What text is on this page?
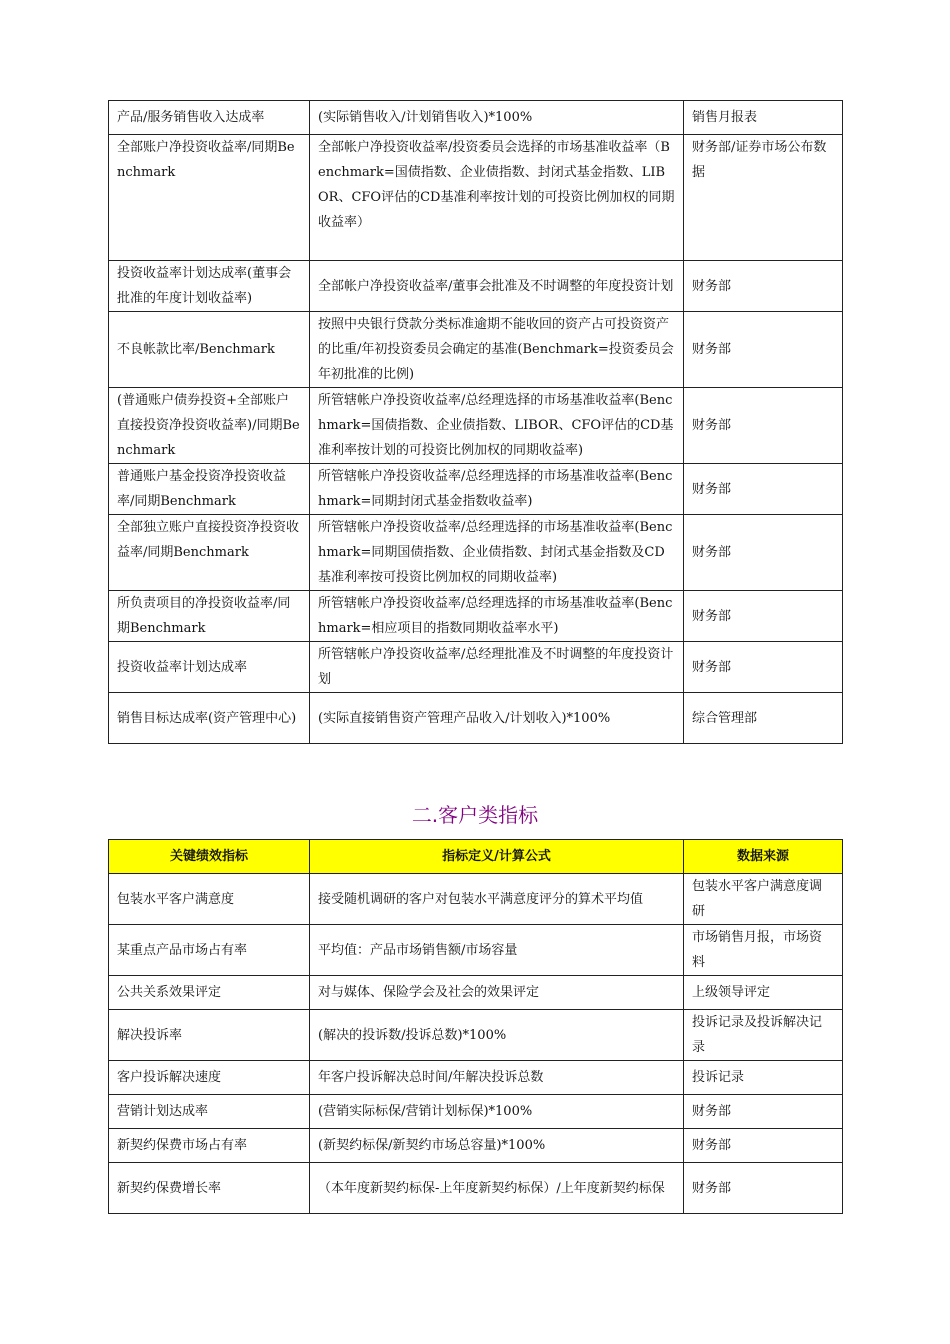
产品/服务销售收入达成率	(实际销售收入/计划销售收入)*100%	销售月报表
全部账户净投资收益率/同期Benchmark	全部帐户净投资收益率/投资委员会选择的市场基准收益率（Benchmark=国债指数、企业债指数、封闭式基金指数、LIBOR、CFO评估的CD基准利率按计划的可投资比例加权的同期收益率）	财务部/证券市场公布数据
投资收益率计划达成率(董事会批准的年度计划收益率)	全部帐户净投资收益率/董事会批准及不时调整的年度投资计划	财务部
不良帐款比率/Benchmark	按照中央银行贷款分类标准逾期不能收回的资产占可投资资产的比重/年初投资委员会确定的基准(Benchmark=投资委员会年初批准的比例)	财务部
(普通账户债券投资+全部账户直接投资净投资收益率)/同期Benchmark	所管辖帐户净投资收益率/总经理选择的市场基准收益率(Benchmark=国债指数、企业债指数、LIBOR、CFO评估的CD基准利率按计划的可投资比例加权的同期收益率)	财务部
普通账户基金投资净投资收益率/同期Benchmark	所管辖帐户净投资收益率/总经理选择的市场基准收益率(Benchmark=同期封闭式基金指数收益率)	财务部
全部独立账户直接投资净投资收益率/同期Benchmark	所管辖帐户净投资收益率/总经理选择的市场基准收益率(Benchmark=同期国债指数、企业债指数、封闭式基金指数及CD基准利率按可投资比例加权的同期收益率)	财务部
所负责项目的净投资收益率/同期Benchmark	所管辖帐户净投资收益率/总经理选择的市场基准收益率(Benchmark=相应项目的指数同期收益率水平)	财务部
投资收益率计划达成率	所管辖帐户净投资收益率/总经理批准及不时调整的年度投资计划	财务部
销售目标达成率(资产管理中心)	(实际直接销售资产管理产品收入/计划收入)*100%	综合管理部
二.客户类指标
关键绩效指标	指标定义/计算公式	数据来源
包装水平客户满意度	接受随机调研的客户对包装水平满意度评分的算术平均值	包装水平客户满意度调研
某重点产品市场占有率	平均值：产品市场销售额/市场容量	市场销售月报，市场资料
公共关系效果评定	对与媒体、保险学会及社会的效果评定	上级领导评定
解决投诉率	(解决的投诉数/投诉总数)*100%	投诉记录及投诉解决记录
客户投诉解决速度	年客户投诉解决总时间/年解决投诉总数	投诉记录
营销计划达成率	(营销实际标保/营销计划标保)*100%	财务部
新契约保费市场占有率	(新契约标保/新契约市场总容量)*100%	财务部
新契约保费增长率	（本年度新契约标保-上年度新契约标保）/上年度新契约标保	财务部
